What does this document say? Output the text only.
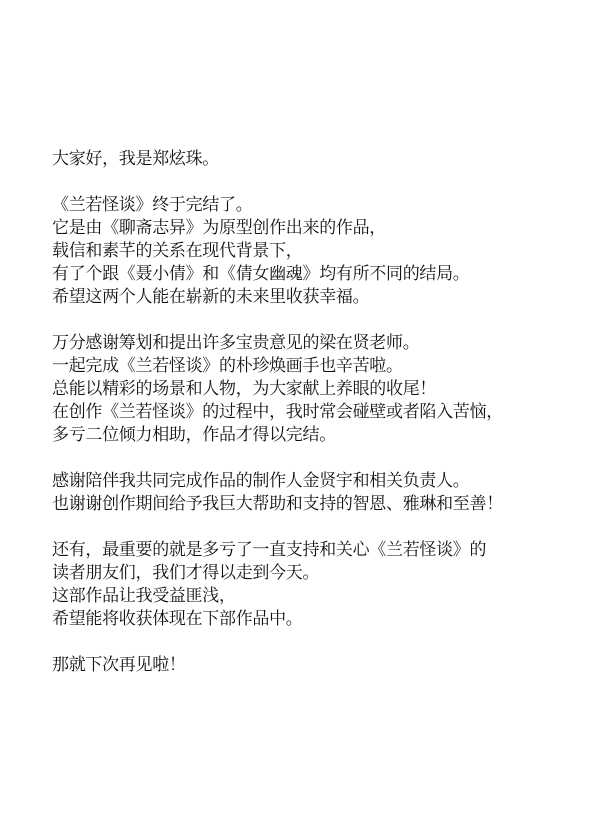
大家好，我是郑炫珠。
《兰若怪谈》终于完结了。
它是由《聊斋志异》为原型创作出来的作品，
载信和素芊的关系在现代背景下，
有了个跟《聂小倩》和《倩女幽魂》均有所不同的结局。
希望这两个人能在崭新的未来里收获幸福。
万分感谢筹划和提出许多宝贵意见的梁在贤老师。
一起完成《兰若怪谈》的朴珍焕画手也辛苦啦。
总能以精彩的场景和人物，为大家献上养眼的收尾！
在创作《兰若怪谈》的过程中，我时常会碰壁或者陷入苦恼，
多亏二位倾力相助，作品才得以完结。
感谢陪伴我共同完成作品的制作人金贤宇和相关负责人。
也谢谢创作期间给予我巨大帮助和支持的智恩、雅琳和至善！
还有，最重要的就是多亏了一直支持和关心《兰若怪谈》的
读者朋友们，我们才得以走到今天。
这部作品让我受益匪浅，
希望能将收获体现在下部作品中。
那就下次再见啦！
